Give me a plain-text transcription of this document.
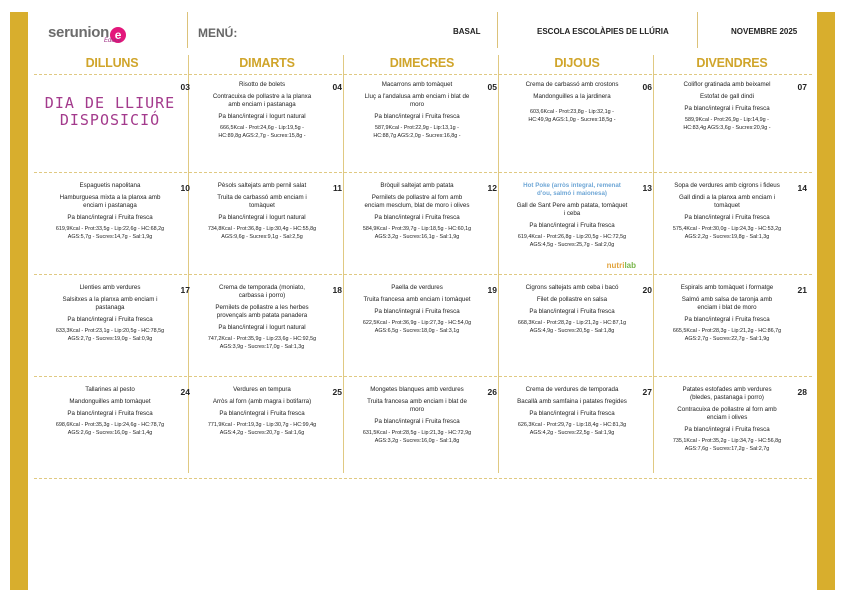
serunion e
Educa
MENÚ:	BASAL	ESCOLA ESCOLÀPIES DE LLÚRIA	NOVEMBRE 2025
DILLUNS	DIMARTS	DIMECRES	DIJOUS	DIVENDRES
03
DIA DE LLIURE
DISPOSICIÓ
04
Risotto de bolets
Contracuixa de pollastre a la planxa
amb enciam i pastanaga
Pa blanc/integral i Iogurt natural
666,5Kcal - Prot:24,6g - Lip:19,5g -
HC:89,8g AGS:2,7g - Sucres:15,8g -
05
Macarrons amb tomàquet
Lluç a l'andalusa amb enciam i blat de
moro
Pa blanc/integral i Fruita fresca
587,9Kcal - Prot:22,9g - Lip:13,1g -
HC:88,7g AGS:2,0g - Sucres:16,8g -
06
Crema de carbassó amb crostons
Mandonguilles a la jardinera
603,6Kcal - Prot:23,8g - Lip:32,1g -
HC:49,9g AGS:1,0g - Sucres:18,5g -
07
Coliflor gratinada amb beixamel
Estofat de gall dindi
Pa blanc/integral i Fruita fresca
589,9Kcal - Prot:26,9g - Lip:14,9g -
HC:83,4g AGS:3,6g - Sucres:20,9g -
10
Espaguetis napolitana
Hamburguesa mixta a la planxa amb
enciam i pastanaga
Pa blanc/integral i Fruita fresca
619,9Kcal - Prot:33,5g - Lip:22,6g - HC:68,2g
AGS:5,7g - Sucres:14,7g - Sal:1,9g
11
Pèsols saltejats amb pernil salat
Truita de carbassó amb enciam i
tomàquet
Pa blanc/integral i Iogurt natural
734,8Kcal - Prot:36,8g - Lip:30,4g - HC:55,8g
AGS:9,6g - Sucres:9,1g - Sal:2,5g
12
Bròquil saltejat amb patata
Pernilets de pollastre al forn amb
enciam mesclum, blat de moro i olives
Pa blanc/integral i Fruita fresca
584,9Kcal - Prot:39,7g - Lip:18,5g - HC:60,1g
AGS:3,2g - Sucres:16,1g - Sal:1,9g
13
Hot Poke (arròs integral, remenat
d'ou, salmó i maionesa)
Gall de Sant Pere amb patata, tomàquet
i ceba
Pa blanc/integral i Fruita fresca
619,4Kcal - Prot:26,8g - Lip:20,5g - HC:72,5g
AGS:4,5g - Sucres:25,7g - Sal:2,0g
nutrilab
14
Sopa de verdures amb cigrons i fideus
Gall dindi a la planxa amb enciam i
tomàquet
Pa blanc/integral i Fruita fresca
575,4Kcal - Prot:30,0g - Lip:24,3g - HC:53,2g
AGS:2,2g - Sucres:19,8g - Sal:1,3g
17
Llenties amb verdures
Salsitxes a la planxa amb enciam i
pastanaga
Pa blanc/integral i Fruita fresca
633,3Kcal - Prot:23,1g - Lip:20,5g - HC:78,5g
AGS:2,7g - Sucres:19,0g - Sal:0,9g
18
Crema de temporada (moniato,
carbassa i porro)
Pernilets de pollastre a les herbes
provençals amb patata panadera
Pa blanc/integral i Iogurt natural
747,2Kcal - Prot:35,9g - Lip:23,6g - HC:92,5g
AGS:3,9g - Sucres:17,0g - Sal:1,3g
19
Paella de verdures
Truita francesa amb enciam i tomàquet
Pa blanc/integral i Fruita fresca
622,5Kcal - Prot:36,9g - Lip:27,3g - HC:54,0g
AGS:6,5g - Sucres:18,0g - Sal:3,1g
20
Cigrons saltejats amb ceba i bacó
Filet de pollastre en salsa
Pa blanc/integral i Fruita fresca
668,3Kcal - Prot:28,2g - Lip:21,2g - HC:87,1g
AGS:4,9g - Sucres:20,5g - Sal:1,8g
21
Espirals amb tomàquet i formatge
Salmó amb salsa de taronja amb
enciam i blat de moro
Pa blanc/integral i Fruita fresca
665,5Kcal - Prot:28,3g - Lip:21,2g - HC:86,7g
AGS:2,7g - Sucres:22,7g - Sal:1,9g
24
Tallarines al pesto
Mandonguilles amb tomàquet
Pa blanc/integral i Fruita fresca
698,6Kcal - Prot:35,3g - Lip:24,6g - HC:78,7g
AGS:2,6g - Sucres:16,0g - Sal:1,4g
25
Verdures en tempura
Arròs al forn (amb magra i botifarra)
Pa blanc/integral i Fruita fresca
771,9Kcal - Prot:19,3g - Lip:30,7g - HC:99,4g
AGS:4,2g - Sucres:20,7g - Sal:1,6g
26
Mongetes blanques amb verdures
Truita francesa amb enciam i blat de
moro
Pa blanc/integral i Fruita fresca
631,5Kcal - Prot:28,5g - Lip:21,3g - HC:72,9g
AGS:3,2g - Sucres:16,0g - Sal:1,8g
27
Crema de verdures de temporada
Bacallà amb samfaina i patates fregides
Pa blanc/integral i Fruita fresca
626,3Kcal - Prot:29,7g - Lip:18,4g - HC:81,3g
AGS:4,2g - Sucres:22,5g - Sal:1,9g
28
Patates estofades amb verdures
(bledes, pastanaga i porro)
Contracuixa de pollastre al forn amb
enciam i olives
Pa blanc/integral i Fruita fresca
735,1Kcal - Prot:35,2g - Lip:34,7g - HC:56,8g
AGS:7,6g - Sucres:17,2g - Sal:2,7g
